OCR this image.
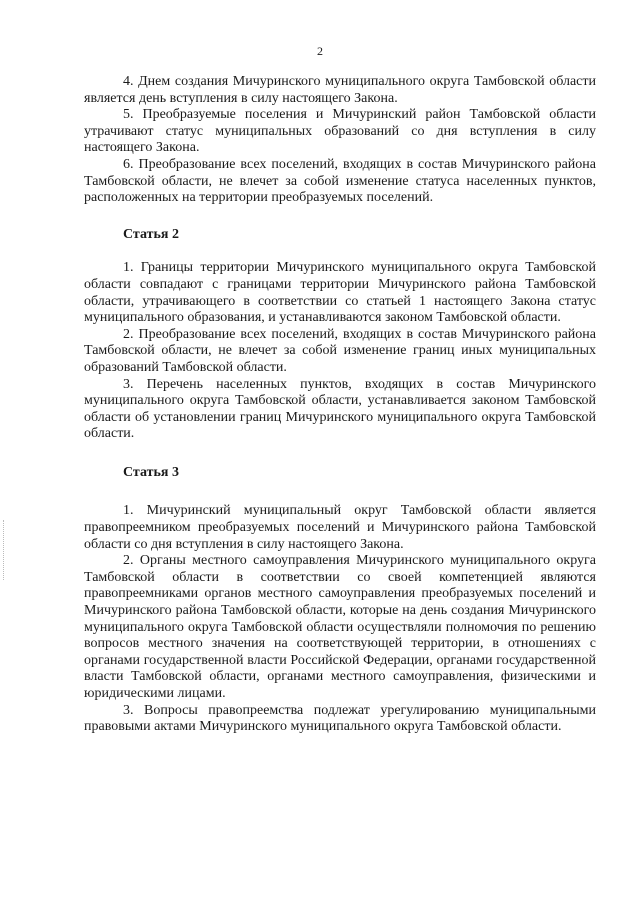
2

4. Днем создания Мичуринского муниципального округа Тамбовской области является день вступления в силу настоящего Закона.

5. Преобразуемые поселения и Мичуринский район Тамбовской области утрачивают статус муниципальных образований со дня вступления в силу настоящего Закона.

6. Преобразование всех поселений, входящих в состав Мичуринского района Тамбовской области, не влечет за собой изменение статуса населенных пунктов, расположенных на территории преобразуемых поселений.

Статья 2

1. Границы территории Мичуринского муниципального округа Тамбовской области совпадают с границами территории Мичуринского района Тамбовской области, утрачивающего в соответствии со статьей 1 настоящего Закона статус муниципального образования, и устанавливаются законом Тамбовской области.

2. Преобразование всех поселений, входящих в состав Мичуринского района Тамбовской области, не влечет за собой изменение границ иных муниципальных образований Тамбовской области.

3. Перечень населенных пунктов, входящих в состав Мичуринского муниципального округа Тамбовской области, устанавливается законом Тамбовской области об установлении границ Мичуринского муниципального округа Тамбовской области.

Статья 3

1. Мичуринский муниципальный округ Тамбовской области является правопреемником преобразуемых поселений и Мичуринского района Тамбовской области со дня вступления в силу настоящего Закона.

2. Органы местного самоуправления Мичуринского муниципального округа Тамбовской области в соответствии со своей компетенцией являются правопреемниками органов местного самоуправления преобразуемых поселений и Мичуринского района Тамбовской области, которые на день создания Мичуринского муниципального округа Тамбовской области осуществляли полномочия по решению вопросов местного значения на соответствующей территории, в отношениях с органами государственной власти Российской Федерации, органами государственной власти Тамбовской области, органами местного самоуправления, физическими и юридическими лицами.

3. Вопросы правопреемства подлежат урегулированию муниципальными правовыми актами Мичуринского муниципального округа Тамбовской области.
